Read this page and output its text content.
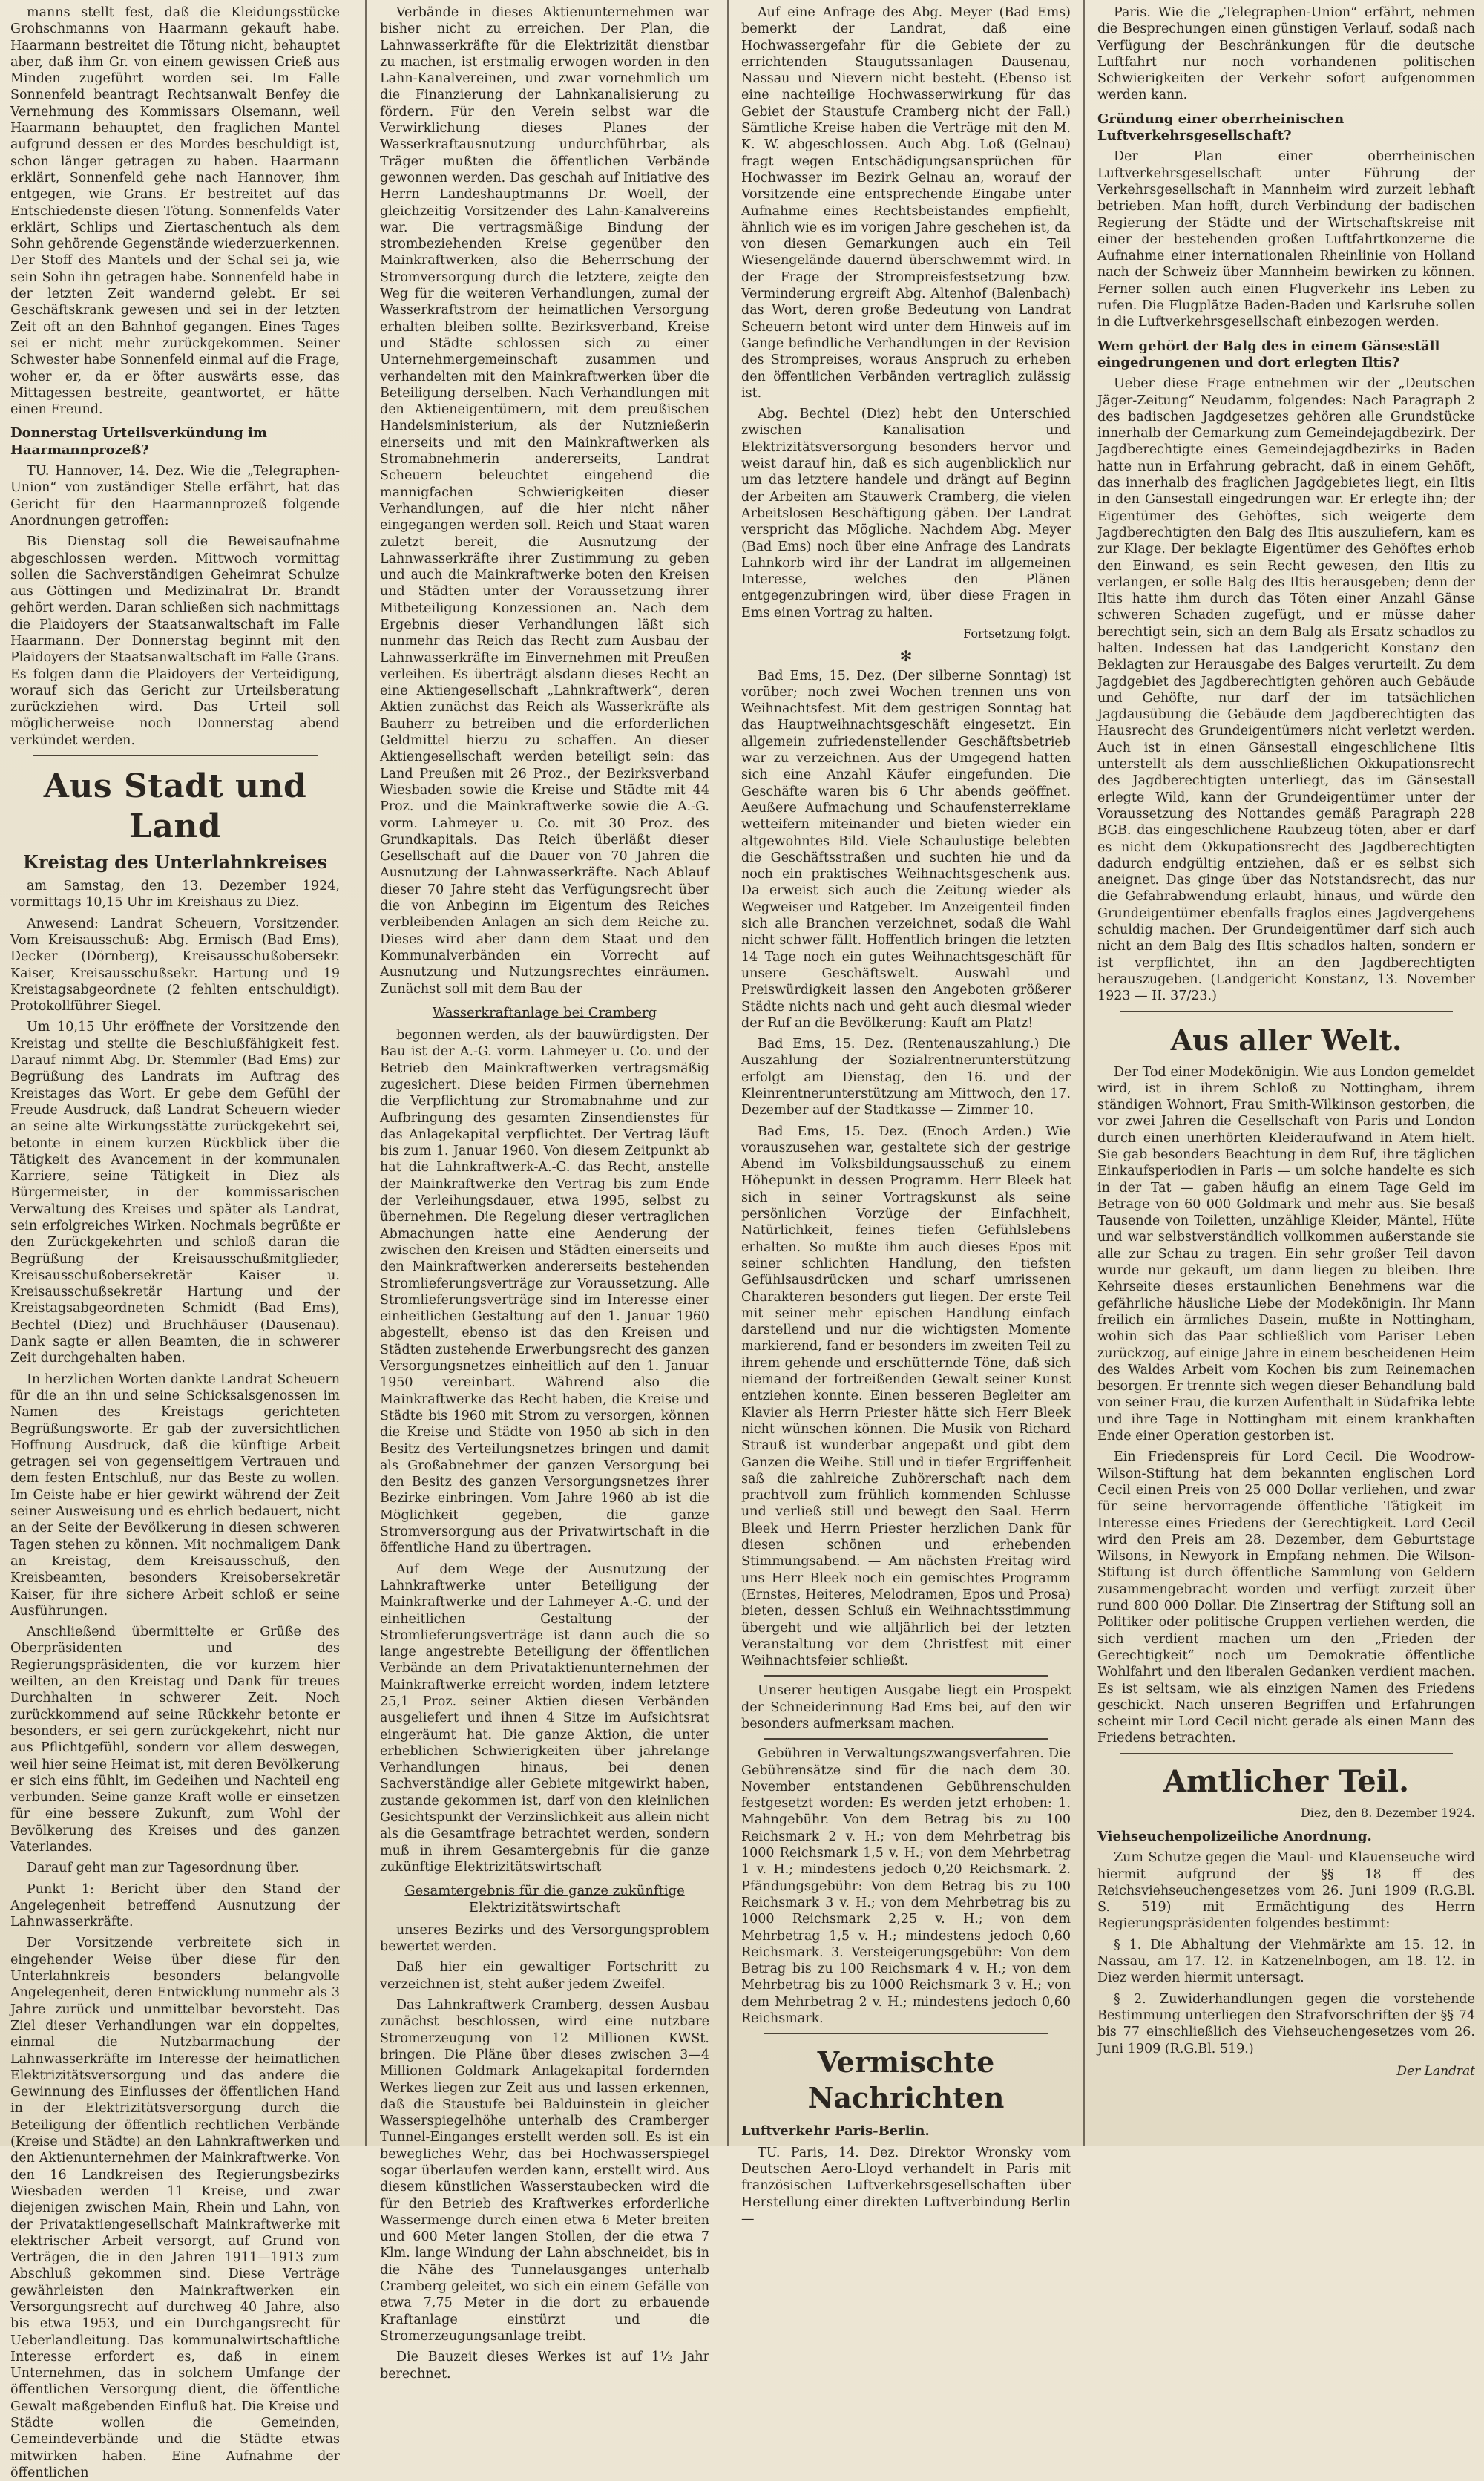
manns stellt fest, daß die Kleidungsstücke Grohschmanns von Haarmann gekauft habe. Haarmann bestreitet die Tötung nicht, behauptet aber, daß ihm Gr. von einem gewissen Grieß aus Minden zugeführt worden sei. Im Falle Sonnenfeld beantragt Rechtsanwalt Benfey die Vernehmung des Kommissars Olsemann, weil Haarmann behauptet, den fraglichen Mantel aufgrund dessen er des Mordes beschuldigt ist, schon länger getragen zu haben. Haarmann erklärt, Sonnenfeld gehe nach Hannover, ihm entgegen, wie Grans. Er bestreitet auf das Entschiedenste diesen Tötung. Sonnenfelds Vater erklärt, Schlips und Ziertaschentuch als dem Sohn gehörende Gegenstände wiederzuerkennen. Der Stoff des Mantels und der Schal sei ja, wie sein Sohn ihn getragen habe. Sonnenfeld habe in der letzten Zeit wandernd gelebt. Er sei Geschäftskrank gewesen und sei in der letzten Zeit oft an den Bahnhof gegangen. Eines Tages sei er nicht mehr zurückgekommen. Seiner Schwester habe Sonnenfeld einmal auf die Frage, woher er, da er öfter auswärts esse, das Mittagessen bestreite, geantwortet, er hätte einen Freund.

Donnerstag Urteilsverkündung im Haarmannprozeß?

TU. Hannover, 14. Dez. Wie die „Telegraphen-Union“ von zuständiger Stelle erfährt, hat das Gericht für den Haarmannprozeß folgende Anordnungen getroffen:

Bis Dienstag soll die Beweisaufnahme abgeschlossen werden. Mittwoch vormittag sollen die Sachverständigen Geheimrat Schulze aus Göttingen und Medizinalrat Dr. Brandt gehört werden. Daran schließen sich nachmittags die Plaidoyers der Staatsanwaltschaft im Falle Haarmann. Der Donnerstag beginnt mit den Plaidoyers der Staatsanwaltschaft im Falle Grans. Es folgen dann die Plaidoyers der Verteidigung, worauf sich das Gericht zur Urteilsberatung zurückziehen wird. Das Urteil soll möglicherweise noch Donnerstag abend verkündet werden.

Aus Stadt und Land
Kreistag des Unterlahnkreises

am Samstag, den 13. Dezember 1924, vormittags 10,15 Uhr im Kreishaus zu Diez.

Anwesend: Landrat Scheuern, Vorsitzender. Vom Kreisausschuß: Abg. Ermisch (Bad Ems), Decker (Dörnberg), Kreisausschußobersekr. Kaiser, Kreisausschußsekr. Hartung und 19 Kreistagsabgeordnete (2 fehlten entschuldigt). Protokollführer Siegel.

Um 10,15 Uhr eröffnete der Vorsitzende den Kreistag und stellte die Beschlußfähigkeit fest. Darauf nimmt Abg. Dr. Stemmler (Bad Ems) zur Begrüßung des Landrats im Auftrag des Kreistages das Wort. Er gebe dem Gefühl der Freude Ausdruck, daß Landrat Scheuern wieder an seine alte Wirkungsstätte zurückgekehrt sei, betonte in einem kurzen Rückblick über die Tätigkeit des Avancement in der kommunalen Karriere, seine Tätigkeit in Diez als Bürgermeister, in der kommissarischen Verwaltung des Kreises und später als Landrat, sein erfolgreiches Wirken. Nochmals begrüßte er den Zurückgekehrten und schloß daran die Begrüßung der Kreisausschußmitglieder, Kreisausschußobersekretär Kaiser u. Kreisausschußsekretär Hartung und der Kreistagsabgeordneten Schmidt (Bad Ems), Bechtel (Diez) und Bruchhäuser (Dausenau). Dank sagte er allen Beamten, die in schwerer Zeit durchgehalten haben.

In herzlichen Worten dankte Landrat Scheuern für die an ihn und seine Schicksalsgenossen im Namen des Kreistags gerichteten Begrüßungsworte. Er gab der zuversichtlichen Hoffnung Ausdruck, daß die künftige Arbeit getragen sei von gegenseitigem Vertrauen und dem festen Entschluß, nur das Beste zu wollen. Im Geiste habe er hier gewirkt während der Zeit seiner Ausweisung und es ehrlich bedauert, nicht an der Seite der Bevölkerung in diesen schweren Tagen stehen zu können. Mit nochmaligem Dank an Kreistag, dem Kreisausschuß, den Kreisbeamten, besonders Kreisobersekretär Kaiser, für ihre sichere Arbeit schloß er seine Ausführungen.

Anschließend übermittelte er Grüße des Oberpräsidenten und des Regierungspräsidenten, die vor kurzem hier weilten, an den Kreistag und Dank für treues Durchhalten in schwerer Zeit. Noch zurückkommend auf seine Rückkehr betonte er besonders, er sei gern zurückgekehrt, nicht nur aus Pflichtgefühl, sondern vor allem deswegen, weil hier seine Heimat ist, mit deren Bevölkerung er sich eins fühlt, im Gedeihen und Nachteil eng verbunden. Seine ganze Kraft wolle er einsetzen für eine bessere Zukunft, zum Wohl der Bevölkerung des Kreises und des ganzen Vaterlandes.

Darauf geht man zur Tagesordnung über.

Punkt 1: Bericht über den Stand der Angelegenheit betreffend Ausnutzung der Lahnwasserkräfte.

Der Vorsitzende verbreitete sich in eingehender Weise über diese für den Unterlahnkreis besonders belangvolle Angelegenheit, deren Entwicklung nunmehr als 3 Jahre zurück und unmittelbar bevorsteht. Das Ziel dieser Verhandlungen war ein doppeltes, einmal die Nutzbarmachung der Lahnwasserkräfte im Interesse der heimatlichen Elektrizitätsversorgung und das andere die Gewinnung des Einflusses der öffentlichen Hand in der Elektrizitätsversorgung durch die Beteiligung der öffentlich rechtlichen Verbände (Kreise und Städte) an den Lahnkraftwerken und den Aktienunternehmen der Mainkraftwerke. Von den 16 Landkreisen des Regierungsbezirks Wiesbaden werden 11 Kreise, und zwar diejenigen zwischen Main, Rhein und Lahn, von der Privataktiengesellschaft Mainkraftwerke mit elektrischer Arbeit versorgt, auf Grund von Verträgen, die in den Jahren 1911—1913 zum Abschluß gekommen sind. Diese Verträge gewährleisten den Mainkraftwerken ein Versorgungsrecht auf durchweg 40 Jahre, also bis etwa 1953, und ein Durchgangsrecht für Ueberlandleitung. Das kommunalwirtschaftliche Interesse erfordert es, daß in einem Unternehmen, das in solchem Umfange der öffentlichen Versorgung dient, die öffentliche Gewalt maßgebenden Einfluß hat. Die Kreise und Städte wollen die Gemeinden, Gemeindeverbände und die Städte etwas mitwirken haben. Eine Aufnahme der öffentlichen

Verbände in dieses Aktienunternehmen war bisher nicht zu erreichen. Der Plan, die Lahnwasserkräfte für die Elektrizität dienstbar zu machen, ist erstmalig erwogen worden in den Lahn-Kanalvereinen, und zwar vornehmlich um die Finanzierung der Lahnkanalisierung zu fördern. Für den Verein selbst war die Verwirklichung dieses Planes der Wasserkraftausnutzung undurchführbar, als Träger mußten die öffentlichen Verbände gewonnen werden. Das geschah auf Initiative des Herrn Landeshauptmanns Dr. Woell, der gleichzeitig Vorsitzender des Lahn-Kanalvereins war. Die vertragsmäßige Bindung der strombeziehenden Kreise gegenüber den Mainkraftwerken, also die Beherrschung der Stromversorgung durch die letztere, zeigte den Weg für die weiteren Verhandlungen, zumal der Wasserkraftstrom der heimatlichen Versorgung erhalten bleiben sollte. Bezirksverband, Kreise und Städte schlossen sich zu einer Unternehmergemeinschaft zusammen und verhandelten mit den Mainkraftwerken über die Beteiligung derselben. Nach Verhandlungen mit den Aktieneigentümern, mit dem preußischen Handelsministerium, als der Nutznießerin einerseits und mit den Mainkraftwerken als Stromabnehmerin andererseits, Landrat Scheuern beleuchtet eingehend die mannigfachen Schwierigkeiten dieser Verhandlungen, auf die hier nicht näher eingegangen werden soll. Reich und Staat waren zuletzt bereit, die Ausnutzung der Lahnwasserkräfte ihrer Zustimmung zu geben und auch die Mainkraftwerke boten den Kreisen und Städten unter der Voraussetzung ihrer Mitbeteiligung Konzessionen an. Nach dem Ergebnis dieser Verhandlungen läßt sich nunmehr das Reich das Recht zum Ausbau der Lahnwasserkräfte im Einvernehmen mit Preußen verleihen. Es überträgt alsdann dieses Recht an eine Aktiengesellschaft „Lahnkraftwerk“, deren Aktien zunächst das Reich als Wasserkräfte als Bauherr zu betreiben und die erforderlichen Geldmittel hierzu zu schaffen. An dieser Aktiengesellschaft werden beteiligt sein: das Land Preußen mit 26 Proz., der Bezirksverband Wiesbaden sowie die Kreise und Städte mit 44 Proz. und die Mainkraftwerke sowie die A.-G. vorm. Lahmeyer u. Co. mit 30 Proz. des Grundkapitals. Das Reich überläßt dieser Gesellschaft auf die Dauer von 70 Jahren die Ausnutzung der Lahnwasserkräfte. Nach Ablauf dieser 70 Jahre steht das Verfügungsrecht über die von Anbeginn im Eigentum des Reiches verbleibenden Anlagen an sich dem Reiche zu. Dieses wird aber dann dem Staat und den Kommunalverbänden ein Vorrecht auf Ausnutzung und Nutzungsrechtes einräumen. Zunächst soll mit dem Bau der

Wasserkraftanlage bei Cramberg

begonnen werden, als der bauwürdigsten. Der Bau ist der A.-G. vorm. Lahmeyer u. Co. und der Betrieb den Mainkraftwerken vertragsmäßig zugesichert. Diese beiden Firmen übernehmen die Verpflichtung zur Stromabnahme und zur Aufbringung des gesamten Zinsendienstes für das Anlagekapital verpflichtet. Der Vertrag läuft bis zum 1. Januar 1960. Von diesem Zeitpunkt ab hat die Lahnkraftwerk-A.-G. das Recht, anstelle der Mainkraftwerke den Vertrag bis zum Ende der Verleihungsdauer, etwa 1995, selbst zu übernehmen. Die Regelung dieser vertraglichen Abmachungen hatte eine Aenderung der zwischen den Kreisen und Städten einerseits und den Mainkraftwerken andererseits bestehenden Stromlieferungsverträge zur Voraussetzung. Alle Stromlieferungsverträge sind im Interesse einer einheitlichen Gestaltung auf den 1. Januar 1960 abgestellt, ebenso ist das den Kreisen und Städten zustehende Erwerbungsrecht des ganzen Versorgungsnetzes einheitlich auf den 1. Januar 1950 vereinbart. Während also die Mainkraftwerke das Recht haben, die Kreise und Städte bis 1960 mit Strom zu versorgen, können die Kreise und Städte von 1950 ab sich in den Besitz des Verteilungsnetzes bringen und damit als Großabnehmer der ganzen Versorgung bei den Besitz des ganzen Versorgungsnetzes ihrer Bezirke einbringen. Vom Jahre 1960 ab ist die Möglichkeit gegeben, die ganze Stromversorgung aus der Privatwirtschaft in die öffentliche Hand zu übertragen.

Auf dem Wege der Ausnutzung der Lahnkraftwerke unter Beteiligung der Mainkraftwerke und der Lahmeyer A.-G. und der einheitlichen Gestaltung der Stromlieferungsverträge ist dann auch die so lange angestrebte Beteiligung der öffentlichen Verbände an dem Privataktienunternehmen der Mainkraftwerke erreicht worden, indem letztere 25,1 Proz. seiner Aktien diesen Verbänden ausgeliefert und ihnen 4 Sitze im Aufsichtsrat eingeräumt hat. Die ganze Aktion, die unter erheblichen Schwierigkeiten über jahrelange Verhandlungen hinaus, bei denen Sachverständige aller Gebiete mitgewirkt haben, zustande gekommen ist, darf von den kleinlichen Gesichtspunkt der Verzinslichkeit aus allein nicht als die Gesamtfrage betrachtet werden, sondern muß in ihrem Gesamtergebnis für die ganze zukünftige Elektrizitätswirtschaft

Gesamtergebnis für die ganze zukünftige Elektrizitätswirtschaft

unseres Bezirks und des Versorgungsproblem bewertet werden.

Daß hier ein gewaltiger Fortschritt zu verzeichnen ist, steht außer jedem Zweifel.

Das Lahnkraftwerk Cramberg, dessen Ausbau zunächst beschlossen, wird eine nutzbare Stromerzeugung von 12 Millionen KWSt. bringen. Die Pläne über dieses zwischen 3—4 Millionen Goldmark Anlagekapital fordernden Werkes liegen zur Zeit aus und lassen erkennen, daß die Staustufe bei Balduinstein in gleicher Wasserspiegelhöhe unterhalb des Cramberger Tunnel-Einganges erstellt werden soll. Es ist ein bewegliches Wehr, das bei Hochwasserspiegel sogar überlaufen werden kann, erstellt wird. Aus diesem künstlichen Wasserstaubecken wird die für den Betrieb des Kraftwerkes erforderliche Wassermenge durch einen etwa 6 Meter breiten und 600 Meter langen Stollen, der die etwa 7 Klm. lange Windung der Lahn abschneidet, bis in die Nähe des Tunnelausganges unterhalb Cramberg geleitet, wo sich ein einem Gefälle von etwa 7,75 Meter in die dort zu erbauende Kraftanlage einstürzt und die Stromerzeugungsanlage treibt.

Die Bauzeit dieses Werkes ist auf 1½ Jahr berechnet.

Auf eine Anfrage des Abg. Meyer (Bad Ems) bemerkt der Landrat, daß eine Hochwassergefahr für die Gebiete der zu errichtenden Staugutssanlagen Dausenau, Nassau und Nievern nicht besteht. (Ebenso ist eine nachteilige Hochwasserwirkung für das Gebiet der Staustufe Cramberg nicht der Fall.) Sämtliche Kreise haben die Verträge mit den M. K. W. abgeschlossen. Auch Abg. Loß (Gelnau) fragt wegen Entschädigungsansprüchen für Hochwasser im Bezirk Gelnau an, worauf der Vorsitzende eine entsprechende Eingabe unter Aufnahme eines Rechtsbeistandes empfiehlt, ähnlich wie es im vorigen Jahre geschehen ist, da von diesen Gemarkungen auch ein Teil Wiesengelände dauernd überschwemmt wird. In der Frage der Strompreisfestsetzung bzw. Verminderung ergreift Abg. Altenhof (Balenbach) das Wort, deren große Bedeutung von Landrat Scheuern betont wird unter dem Hinweis auf im Gange befindliche Verhandlungen in der Revision des Strompreises, woraus Anspruch zu erheben den öffentlichen Verbänden vertraglich zulässig ist.

Abg. Bechtel (Diez) hebt den Unterschied zwischen Kanalisation und Elektrizitätsversorgung besonders hervor und weist darauf hin, daß es sich augenblicklich nur um das letztere handele und drängt auf Beginn der Arbeiten am Stauwerk Cramberg, die vielen Arbeitslosen Beschäftigung gäben. Der Landrat verspricht das Mögliche. Nachdem Abg. Meyer (Bad Ems) noch über eine Anfrage des Landrats Lahnkorb wird ihr der Landrat im allgemeinen Interesse, welches den Plänen entgegenzubringen wird, über diese Fragen in Ems einen Vortrag zu halten.

Fortsetzung folgt.
✻

Bad Ems, 15. Dez. (Der silberne Sonntag) ist vorüber; noch zwei Wochen trennen uns von Weihnachtsfest. Mit dem gestrigen Sonntag hat das Hauptweihnachtsgeschäft eingesetzt. Ein allgemein zufriedenstellender Geschäftsbetrieb war zu verzeichnen. Aus der Umgegend hatten sich eine Anzahl Käufer eingefunden. Die Geschäfte waren bis 6 Uhr abends geöffnet. Aeußere Aufmachung und Schaufensterreklame wetteifern miteinander und bieten wieder ein altgewohntes Bild. Viele Schaulustige belebten die Geschäftsstraßen und suchten hie und da noch ein praktisches Weihnachtsgeschenk aus. Da erweist sich auch die Zeitung wieder als Wegweiser und Ratgeber. Im Anzeigenteil finden sich alle Branchen verzeichnet, sodaß die Wahl nicht schwer fällt. Hoffentlich bringen die letzten 14 Tage noch ein gutes Weihnachtsgeschäft für unsere Geschäftswelt. Auswahl und Preiswürdigkeit lassen den Angeboten größerer Städte nichts nach und geht auch diesmal wieder der Ruf an die Bevölkerung: Kauft am Platz!

Bad Ems, 15. Dez. (Rentenauszahlung.) Die Auszahlung der Sozialrentnerunterstützung erfolgt am Dienstag, den 16. und der Kleinrentnerunterstützung am Mittwoch, den 17. Dezember auf der Stadtkasse — Zimmer 10.

Bad Ems, 15. Dez. (Enoch Arden.) Wie vorauszusehen war, gestaltete sich der gestrige Abend im Volksbildungsausschuß zu einem Höhepunkt in dessen Programm. Herr Bleek hat sich in seiner Vortragskunst als seine persönlichen Vorzüge der Einfachheit, Natürlichkeit, feines tiefen Gefühlslebens erhalten. So mußte ihm auch dieses Epos mit seiner schlichten Handlung, den tiefsten Gefühlsausdrücken und scharf umrissenen Charakteren besonders gut liegen. Der erste Teil mit seiner mehr epischen Handlung einfach darstellend und nur die wichtigsten Momente markierend, fand er besonders im zweiten Teil zu ihrem gehende und erschütternde Töne, daß sich niemand der fortreißenden Gewalt seiner Kunst entziehen konnte. Einen besseren Begleiter am Klavier als Herrn Priester hätte sich Herr Bleek nicht wünschen können. Die Musik von Richard Strauß ist wunderbar angepaßt und gibt dem Ganzen die Weihe. Still und in tiefer Ergriffenheit saß die zahlreiche Zuhörerschaft nach dem prachtvoll zum frühlich kommenden Schlusse und verließ still und bewegt den Saal. Herrn Bleek und Herrn Priester herzlichen Dank für diesen schönen und erhebenden Stimmungsabend. — Am nächsten Freitag wird uns Herr Bleek noch ein gemischtes Programm (Ernstes, Heiteres, Melodramen, Epos und Prosa) bieten, dessen Schluß ein Weihnachtsstimmung übergeht und wie alljährlich bei der letzten Veranstaltung vor dem Christfest mit einer Weihnachtsfeier schließt.

Unserer heutigen Ausgabe liegt ein Prospekt der Schneiderinnung Bad Ems bei, auf den wir besonders aufmerksam machen.

Gebühren in Verwaltungszwangsverfahren. Die Gebührensätze sind für die nach dem 30. November entstandenen Gebührenschulden festgesetzt worden: Es werden jetzt erhoben: 1. Mahngebühr. Von dem Betrag bis zu 100 Reichsmark 2 v. H.; von dem Mehrbetrag bis 1000 Reichsmark 1,5 v. H.; von dem Mehrbetrag 1 v. H.; mindestens jedoch 0,20 Reichsmark. 2. Pfändungsgebühr: Von dem Betrag bis zu 100 Reichsmark 3 v. H.; von dem Mehrbetrag bis zu 1000 Reichsmark 2,25 v. H.; von dem Mehrbetrag 1,5 v. H.; mindestens jedoch 0,60 Reichsmark. 3. Versteigerungsgebühr: Von dem Betrag bis zu 100 Reichsmark 4 v. H.; von dem Mehrbetrag bis zu 1000 Reichsmark 3 v. H.; von dem Mehrbetrag 2 v. H.; mindestens jedoch 0,60 Reichsmark.

Vermischte Nachrichten
Luftverkehr Paris-Berlin.

TU. Paris, 14. Dez. Direktor Wronsky vom Deutschen Aero-Lloyd verhandelt in Paris mit französischen Luftverkehrsgesellschaften über Herstellung einer direkten Luftverbindung Berlin—

Paris. Wie die „Telegraphen-Union“ erfährt, nehmen die Besprechungen einen günstigen Verlauf, sodaß nach Verfügung der Beschränkungen für die deutsche Luftfahrt nur noch vorhandenen politischen Schwierigkeiten der Verkehr sofort aufgenommen werden kann.

Gründung einer oberrheinischen Luftverkehrsgesellschaft?

Der Plan einer oberrheinischen Luftverkehrsgesellschaft unter Führung der Verkehrsgesellschaft in Mannheim wird zurzeit lebhaft betrieben. Man hofft, durch Verbindung der badischen Regierung der Städte und der Wirtschaftskreise mit einer der bestehenden großen Luftfahrtkonzerne die Aufnahme einer internationalen Rheinlinie von Holland nach der Schweiz über Mannheim bewirken zu können. Ferner sollen auch einen Flugverkehr ins Leben zu rufen. Die Flugplätze Baden-Baden und Karlsruhe sollen in die Luftverkehrsgesellschaft einbezogen werden.

Wem gehört der Balg des in einem Gänseställ eingedrungenen und dort erlegten Iltis?

Ueber diese Frage entnehmen wir der „Deutschen Jäger-Zeitung“ Neudamm, folgendes: Nach Paragraph 2 des badischen Jagdgesetzes gehören alle Grundstücke innerhalb der Gemarkung zum Gemeindejagdbezirk. Der Jagdberechtigte eines Gemeindejagdbezirks in Baden hatte nun in Erfahrung gebracht, daß in einem Gehöft, das innerhalb des fraglichen Jagdgebietes liegt, ein Iltis in den Gänsestall eingedrungen war. Er erlegte ihn; der Eigentümer des Gehöftes, sich weigerte dem Jagdberechtigten den Balg des Iltis auszuliefern, kam es zur Klage. Der beklagte Eigentümer des Gehöftes erhob den Einwand, es sein Recht gewesen, den Iltis zu verlangen, er solle Balg des Iltis herausgeben; denn der Iltis hatte ihm durch das Töten einer Anzahl Gänse schweren Schaden zugefügt, und er müsse daher berechtigt sein, sich an dem Balg als Ersatz schadlos zu halten. Indessen hat das Landgericht Konstanz den Beklagten zur Herausgabe des Balges verurteilt. Zu dem Jagdgebiet des Jagdberechtigten gehören auch Gebäude und Gehöfte, nur darf der im tatsächlichen Jagdausübung die Gebäude dem Jagdberechtigten das Hausrecht des Grundeigentümers nicht verletzt werden. Auch ist in einen Gänsestall eingeschlichene Iltis unterstellt als dem ausschließlichen Okkupationsrecht des Jagdberechtigten unterliegt, das im Gänsestall erlegte Wild, kann der Grundeigentümer unter der Voraussetzung des Nottandes gemäß Paragraph 228 BGB. das eingeschlichene Raubzeug töten, aber er darf es nicht dem Okkupationsrecht des Jagdberechtigten dadurch endgültig entziehen, daß er es selbst sich aneignet. Das ginge über das Notstandsrecht, das nur die Gefahrabwendung erlaubt, hinaus, und würde den Grundeigentümer ebenfalls fraglos eines Jagdvergehens schuldig machen. Der Grundeigentümer darf sich auch nicht an dem Balg des Iltis schadlos halten, sondern er ist verpflichtet, ihn an den Jagdberechtigten herauszugeben. (Landgericht Konstanz, 13. November 1923 — II. 37/23.)

Aus aller Welt.

Der Tod einer Modekönigin. Wie aus London gemeldet wird, ist in ihrem Schloß zu Nottingham, ihrem ständigen Wohnort, Frau Smith-Wilkinson gestorben, die vor zwei Jahren die Gesellschaft von Paris und London durch einen unerhörten Kleideraufwand in Atem hielt. Sie gab besonders Beachtung in dem Ruf, ihre täglichen Einkaufsperiodien in Paris — um solche handelte es sich in der Tat — gaben häufig an einem Tage Geld im Betrage von 60 000 Goldmark und mehr aus. Sie besaß Tausende von Toiletten, unzählige Kleider, Mäntel, Hüte und war selbstverständlich vollkommen außerstande sie alle zur Schau zu tragen. Ein sehr großer Teil davon wurde nur gekauft, um dann liegen zu bleiben. Ihre Kehrseite dieses erstaunlichen Benehmens war die gefährliche häusliche Liebe der Modekönigin. Ihr Mann freilich ein ärmliches Dasein, mußte in Nottingham, wohin sich das Paar schließlich vom Pariser Leben zurückzog, auf einige Jahre in einem bescheidenen Heim des Waldes Arbeit vom Kochen bis zum Reinemachen besorgen. Er trennte sich wegen dieser Behandlung bald von seiner Frau, die kurzen Aufenthalt in Südafrika lebte und ihre Tage in Nottingham mit einem krankhaften Ende einer Operation gestorben ist.

Ein Friedenspreis für Lord Cecil. Die Woodrow-Wilson-Stiftung hat dem bekannten englischen Lord Cecil einen Preis von 25 000 Dollar verliehen, und zwar für seine hervorragende öffentliche Tätigkeit im Interesse eines Friedens der Gerechtigkeit. Lord Cecil wird den Preis am 28. Dezember, dem Geburtstage Wilsons, in Newyork in Empfang nehmen. Die Wilson-Stiftung ist durch öffentliche Sammlung von Geldern zusammengebracht worden und verfügt zurzeit über rund 800 000 Dollar. Die Zinsertrag der Stiftung soll an Politiker oder politische Gruppen verliehen werden, die sich verdient machen um den „Frieden der Gerechtigkeit“ noch um Demokratie öffentliche Wohlfahrt und den liberalen Gedanken verdient machen. Es ist seltsam, wie als einzigen Namen des Friedens geschickt. Nach unseren Begriffen und Erfahrungen scheint mir Lord Cecil nicht gerade als einen Mann des Friedens betrachten.

Amtlicher Teil.
Diez, den 8. Dezember 1924.
Viehseuchenpolizeiliche Anordnung.

Zum Schutze gegen die Maul- und Klauenseuche wird hiermit aufgrund der §§ 18 ff des Reichsviehseuchengesetzes vom 26. Juni 1909 (R.G.Bl. S. 519) mit Ermächtigung des Herrn Regierungspräsidenten folgendes bestimmt:

§ 1. Die Abhaltung der Viehmärkte am 15. 12. in Nassau, am 17. 12. in Katzenelnbogen, am 18. 12. in Diez werden hiermit untersagt.

§ 2. Zuwiderhandlungen gegen die vorstehende Bestimmung unterliegen den Strafvorschriften der §§ 74 bis 77 einschließlich des Viehseuchengesetzes vom 26. Juni 1909 (R.G.Bl. 519.)

Der Landrat
